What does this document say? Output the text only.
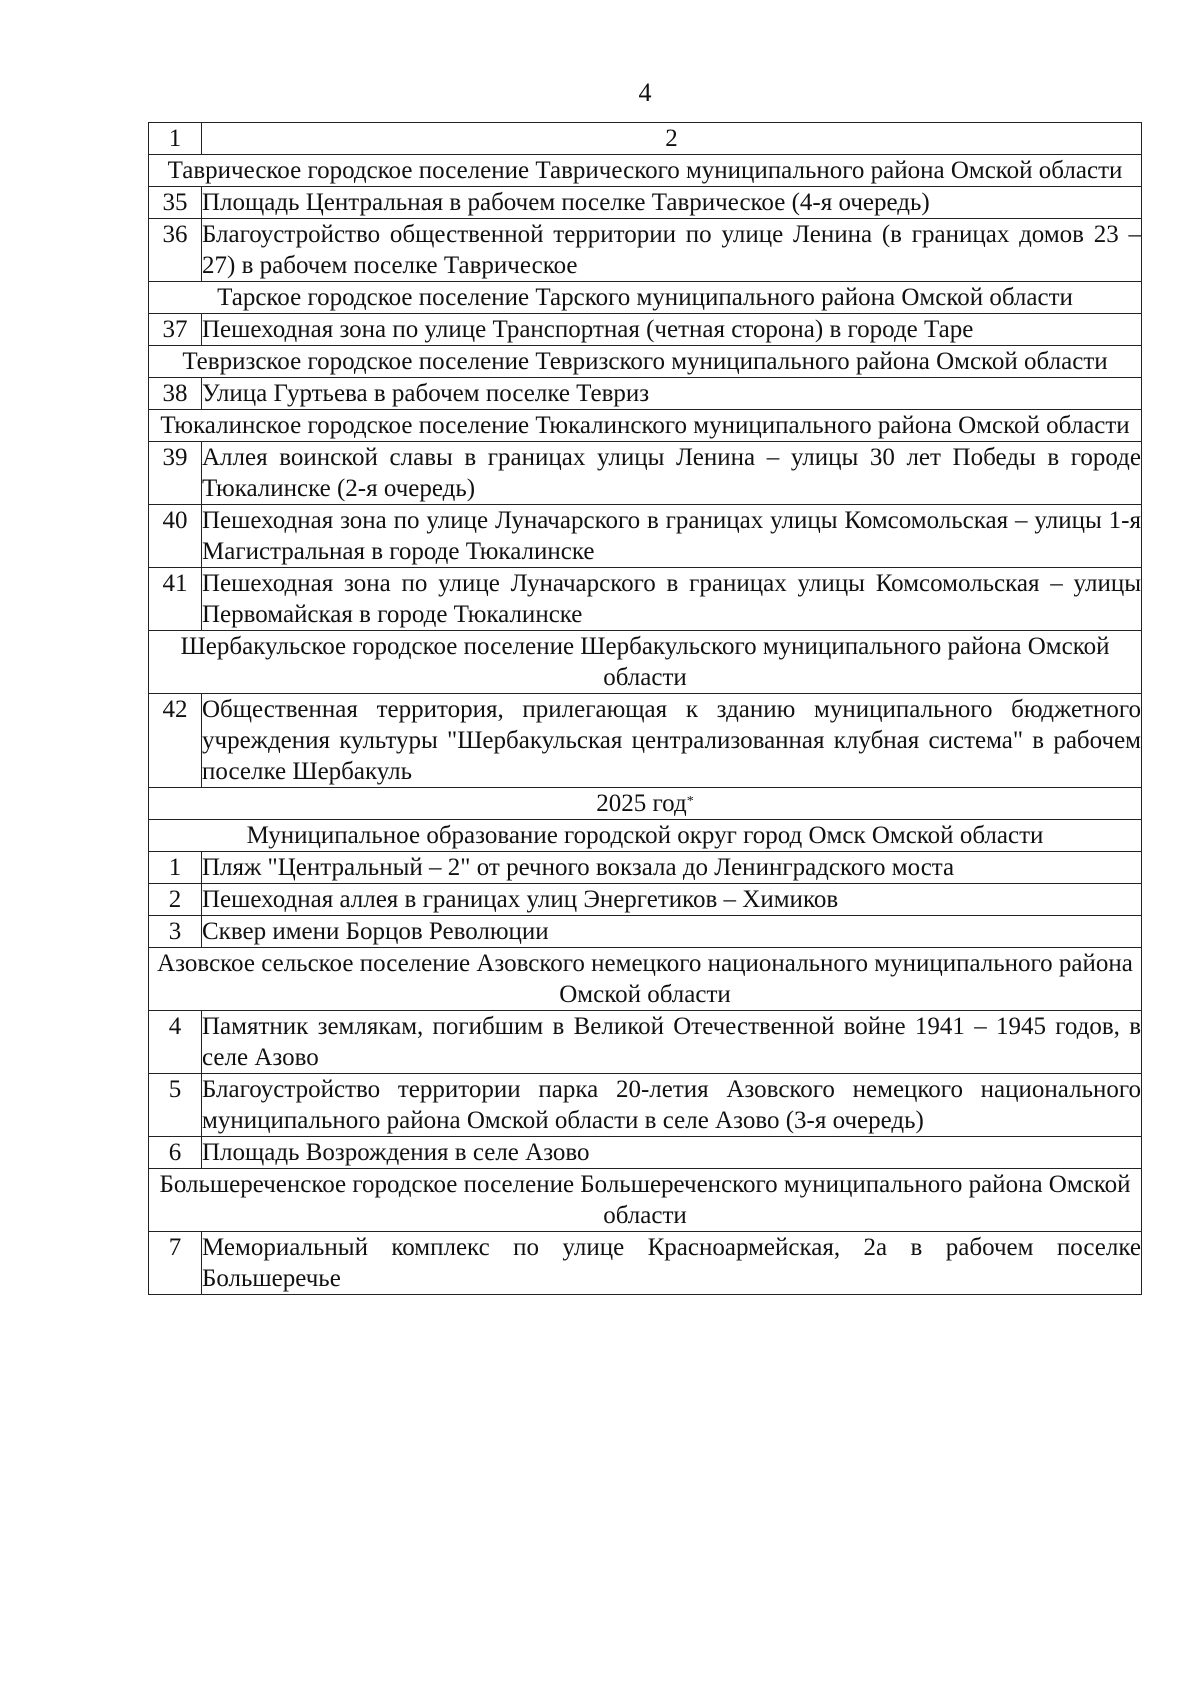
4
1	2
Таврическое городское поселение Таврического муниципального района Омской области	
35	Площадь Центральная в рабочем поселке Таврическое (4-я очередь)
36	Благоустройство общественной территории по улице Ленина (в границах домов 23 – 27) в рабочем поселке Таврическое
Тарское городское поселение Тарского муниципального района Омской области	
37	Пешеходная зона по улице Транспортная (четная сторона) в городе Таре
Тевризское городское поселение Тевризского муниципального района Омской области	
38	Улица Гуртьева в рабочем поселке Тевриз
Тюкалинское городское поселение Тюкалинского муниципального района Омской области	
39	Аллея воинской славы в границах улицы Ленина – улицы 30 лет Победы в городе Тюкалинске (2-я очередь)
40	Пешеходная зона по улице Луначарского в границах улицы Комсомольская – улицы 1-я Магистральная в городе Тюкалинске
41	Пешеходная зона по улице Луначарского в границах улицы Комсомольская – улицы Первомайская в городе Тюкалинске
Шербакульское городское поселение Шербакульского муниципального района Омской области	
42	Общественная территория, прилегающая к зданию муниципального бюджетного учреждения культуры "Шербакульская централизованная клубная система" в рабочем поселке Шербакуль
2025 год*
Муниципальное образование городской округ город Омск Омской области	
1	Пляж "Центральный – 2" от речного вокзала до Ленинградского моста
2	Пешеходная аллея в границах улиц Энергетиков – Химиков
3	Сквер имени Борцов Революции
Азовское сельское поселение Азовского немецкого национального муниципального района Омской области	
4	Памятник землякам, погибшим в Великой Отечественной войне 1941 – 1945 годов, в селе Азово
5	Благоустройство территории парка 20-летия Азовского немецкого национального муниципального района Омской области в селе Азово (3-я очередь)
6	Площадь Возрождения в селе Азово
Большереченское городское поселение Большереченского муниципального района Омской области	
7	Мемориальный комплекс по улице Красноармейская, 2а в рабочем поселке Большеречье
